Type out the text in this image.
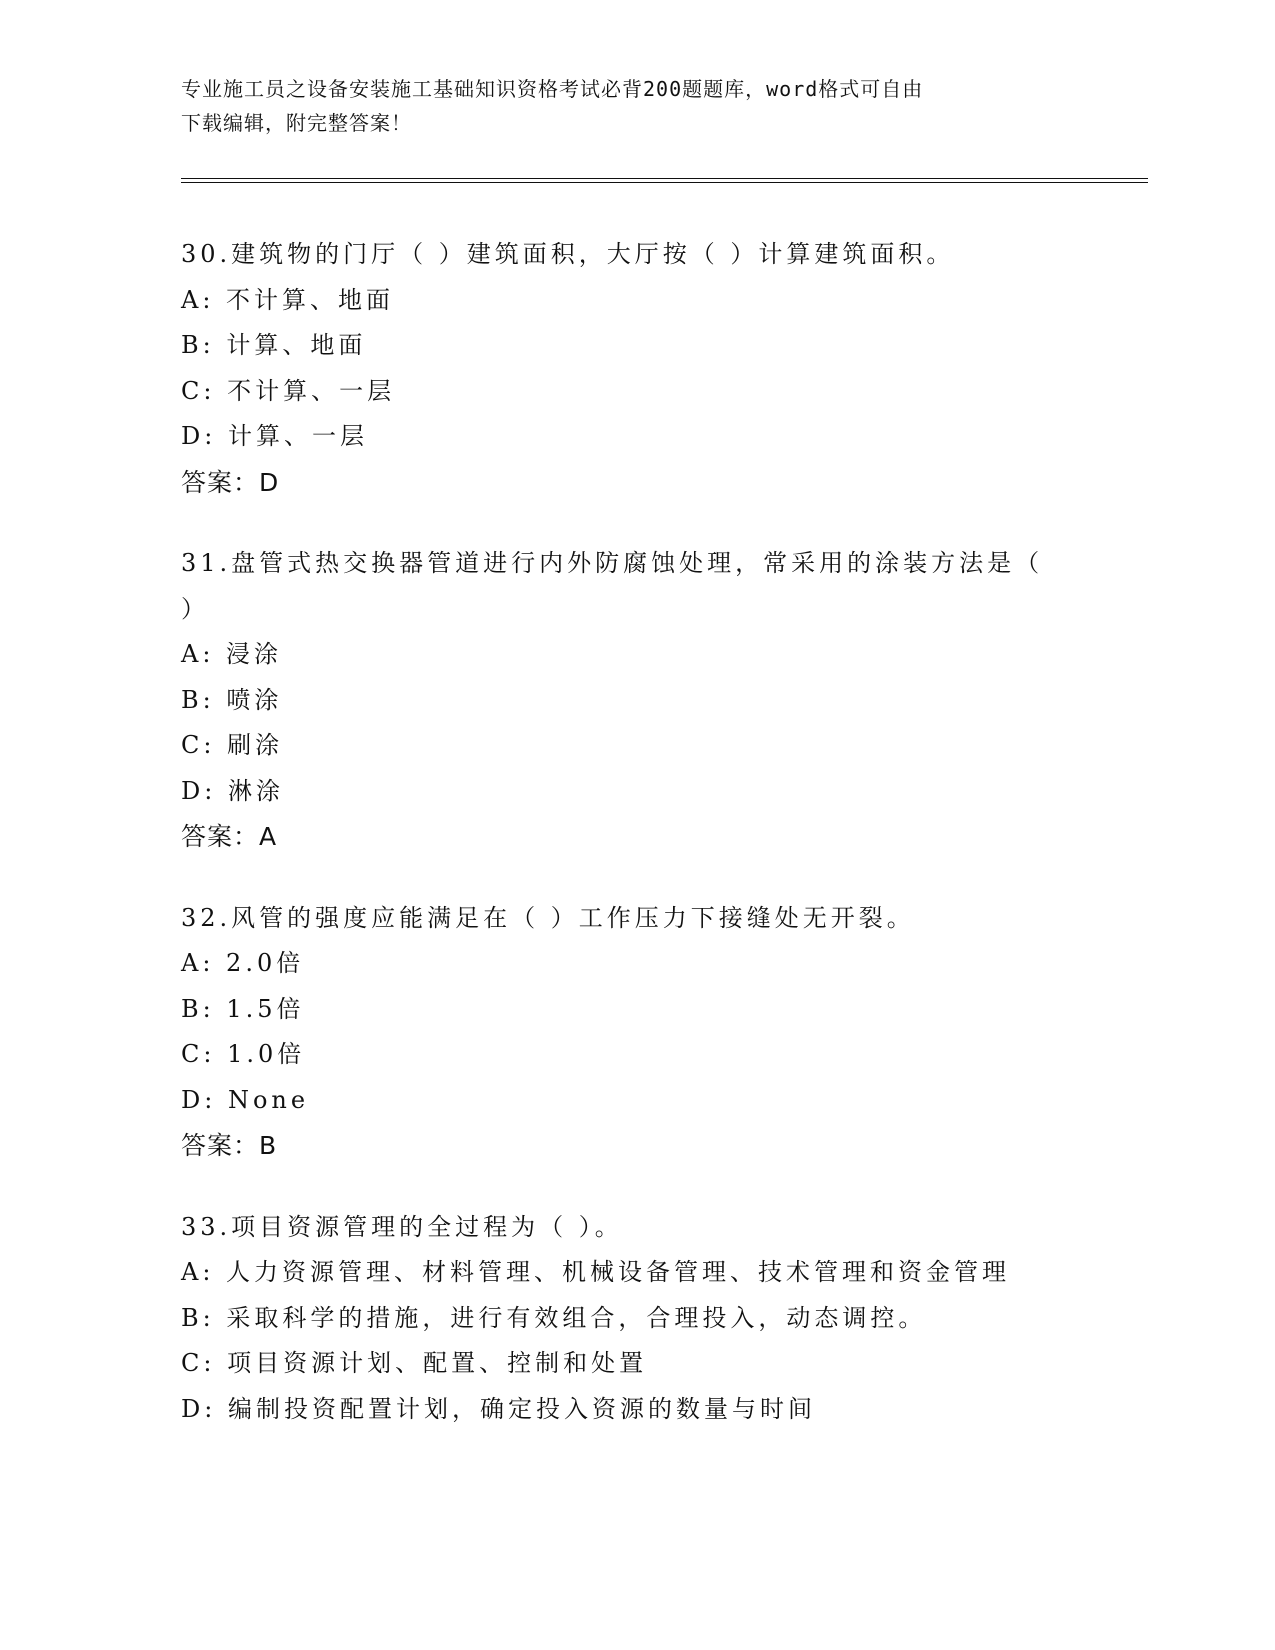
专业施工员之设备安装施工基础知识资格考试必背200题题库，word格式可自由
下载编辑，附完整答案！
30.建筑物的门厅（ ）建筑面积，大厅按（ ）计算建筑面积。
A: 不计算、地面
B: 计算、地面
C: 不计算、一层
D: 计算、一层
答案：D
31.盘管式热交换器管道进行内外防腐蚀处理，常采用的涂装方法是（
）
A: 浸涂
B: 喷涂
C: 刷涂
D: 淋涂
答案：A
32.风管的强度应能满足在（ ）工作压力下接缝处无开裂。
A: 2.0倍
B: 1.5倍
C: 1.0倍
D: None
答案：B
33.项目资源管理的全过程为（ ）。
A: 人力资源管理、材料管理、机械设备管理、技术管理和资金管理
B: 采取科学的措施，进行有效组合，合理投入，动态调控。
C: 项目资源计划、配置、控制和处置
D: 编制投资配置计划，确定投入资源的数量与时间
